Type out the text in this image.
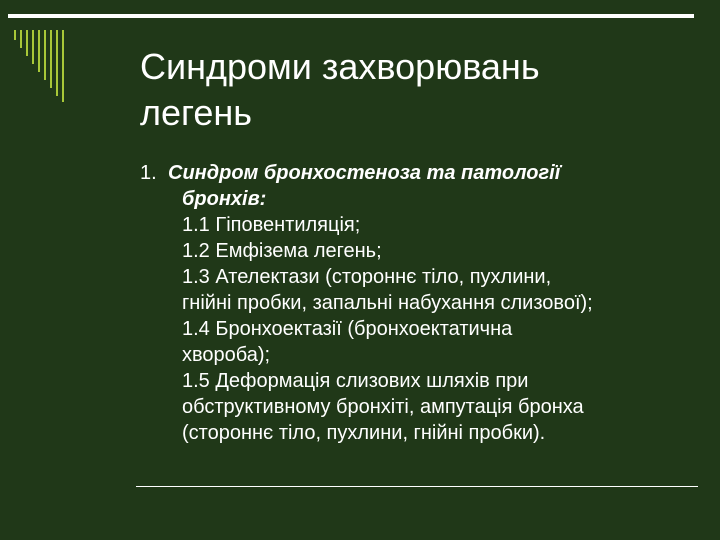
Синдроми захворювань
легень
1. Синдром бронхостеноза та патології
бронхів:
1.1 Гіповентиляція;
1.2 Емфізема легень;
1.3 Ателектази (стороннє тіло, пухлини,
гнійні пробки, запальні набухання слизової);
1.4 Бронхоектазії (бронхоектатична
хвороба);
1.5 Деформація слизових шляхів при
обструктивному бронхіті, ампутація бронха
(стороннє тіло, пухлини, гнійні пробки).
